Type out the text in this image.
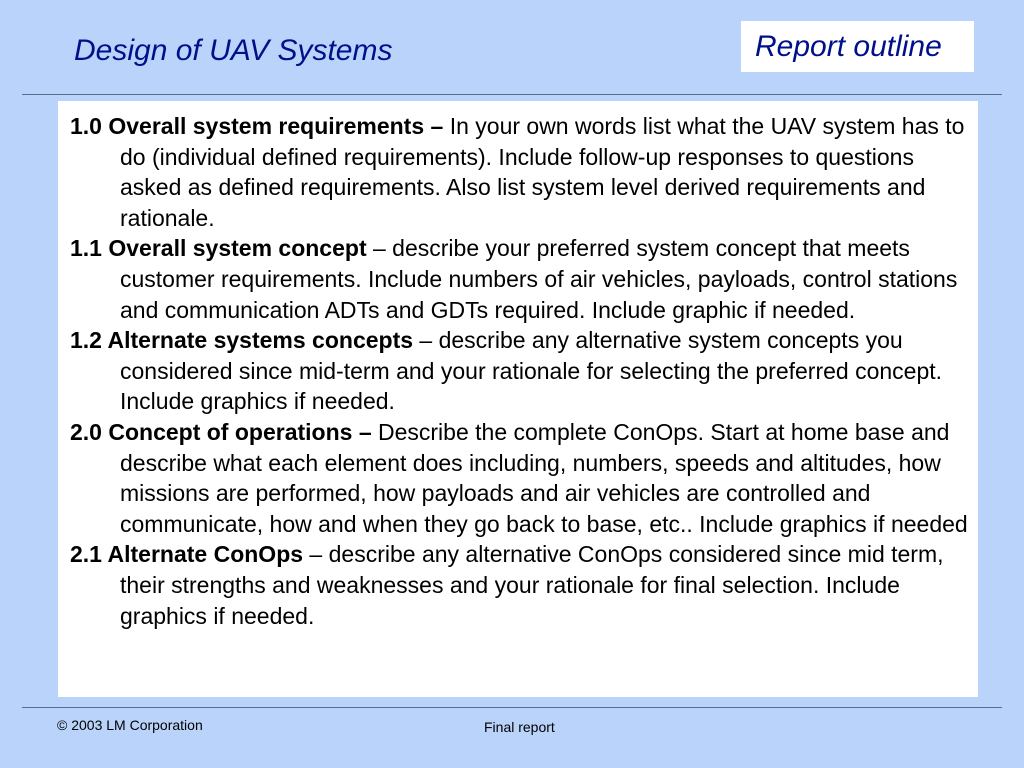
Design of UAV Systems	Report outline

1.0 Overall system requirements – In your own words list what the UAV system has to do (individual defined requirements). Include follow-up responses to questions asked as defined requirements. Also list system level derived requirements and rationale.

1.1 Overall system concept – describe your preferred system concept that meets customer requirements. Include numbers of air vehicles, payloads, control stations and communication ADTs and GDTs required. Include graphic if needed.

1.2 Alternate systems concepts – describe any alternative system concepts you considered since mid-term and your rationale for selecting the preferred concept. Include graphics if needed.

2.0 Concept of operations – Describe the complete ConOps. Start at home base and describe what each element does including, numbers, speeds and altitudes, how missions are performed, how payloads and air vehicles are controlled and communicate, how and when they go back to base, etc.. Include graphics if needed

2.1 Alternate ConOps – describe any alternative ConOps considered since mid term, their strengths and weaknesses and your rationale for final selection. Include graphics if needed.

© 2003 LM Corporation	Final report
